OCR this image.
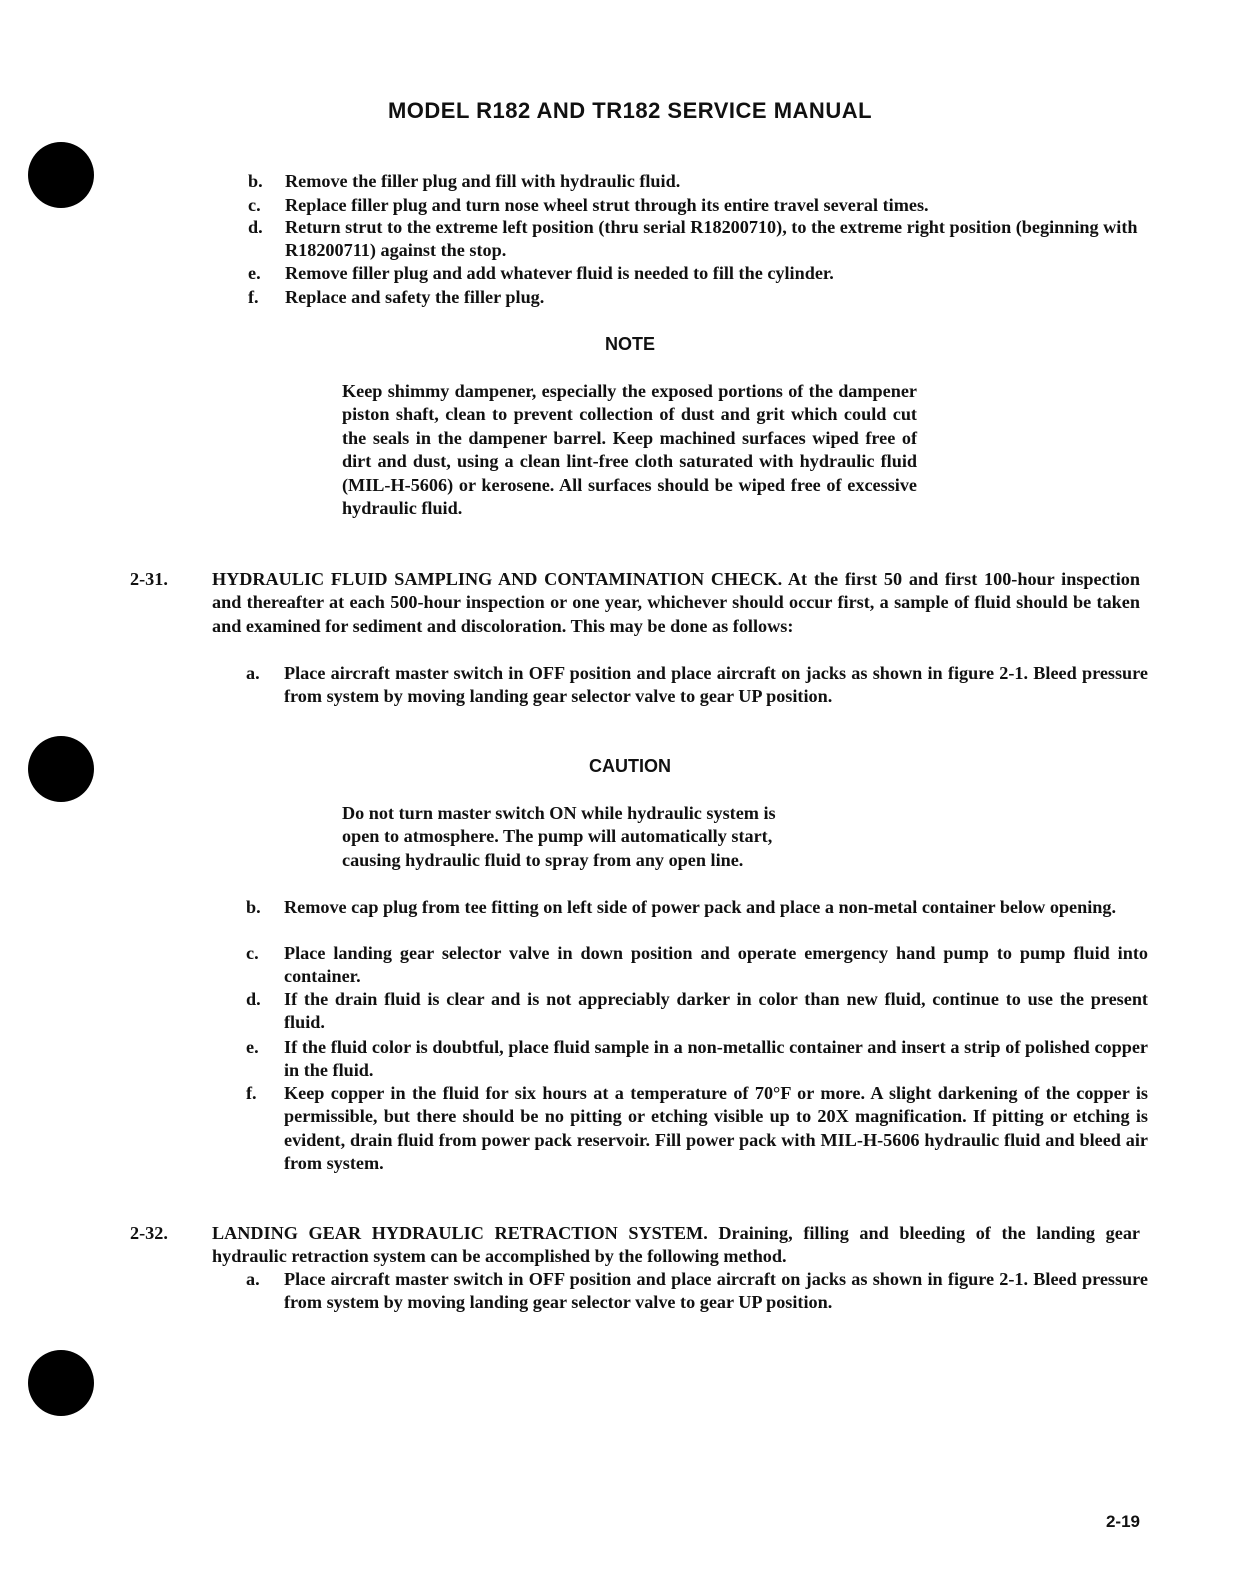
MODEL R182 AND TR182 SERVICE MANUAL
b.	Remove the filler plug and fill with hydraulic fluid.
c.	Replace filler plug and turn nose wheel strut through its entire travel several times.
d.	Return strut to the extreme left position (thru serial R18200710), to the extreme right position (beginning with R18200711) against the stop.
e.	Remove filler plug and add whatever fluid is needed to fill the cylinder.
f.	Replace and safety the filler plug.
NOTE
Keep shimmy dampener, especially the exposed portions of the dampener piston shaft, clean to prevent collection of dust and grit which could cut the seals in the dampener barrel. Keep machined surfaces wiped free of dirt and dust, using a clean lint-free cloth saturated with hydraulic fluid (MIL-H-5606) or kerosene. All surfaces should be wiped free of excessive hydraulic fluid.
2-31.	HYDRAULIC FLUID SAMPLING AND CONTAMINATION CHECK. At the first 50 and first 100-hour inspection and thereafter at each 500-hour inspection or one year, whichever should occur first, a sample of fluid should be taken and examined for sediment and discoloration. This may be done as follows:
a.	Place aircraft master switch in OFF position and place aircraft on jacks as shown in figure 2-1. Bleed pressure from system by moving landing gear selector valve to gear UP position.
CAUTION
Do not turn master switch ON while hydraulic system is
open to atmosphere. The pump will automatically start,
causing hydraulic fluid to spray from any open line.
b.	Remove cap plug from tee fitting on left side of power pack and place a non-metal container below opening.
c.	Place landing gear selector valve in down position and operate emergency hand pump to pump fluid into container.
d.	If the drain fluid is clear and is not appreciably darker in color than new fluid, continue to use the present fluid.
e.	If the fluid color is doubtful, place fluid sample in a non-metallic container and insert a strip of polished copper in the fluid.
f.	Keep copper in the fluid for six hours at a temperature of 70°F or more. A slight darkening of the copper is permissible, but there should be no pitting or etching visible up to 20X magnification. If pitting or etching is evident, drain fluid from power pack reservoir. Fill power pack with MIL-H-5606 hydraulic fluid and bleed air from system.
2-32.	LANDING GEAR HYDRAULIC RETRACTION SYSTEM. Draining, filling and bleeding of the landing gear hydraulic retraction system can be accomplished by the following method.
a.	Place aircraft master switch in OFF position and place aircraft on jacks as shown in figure 2-1. Bleed pressure from system by moving landing gear selector valve to gear UP position.
2-19
